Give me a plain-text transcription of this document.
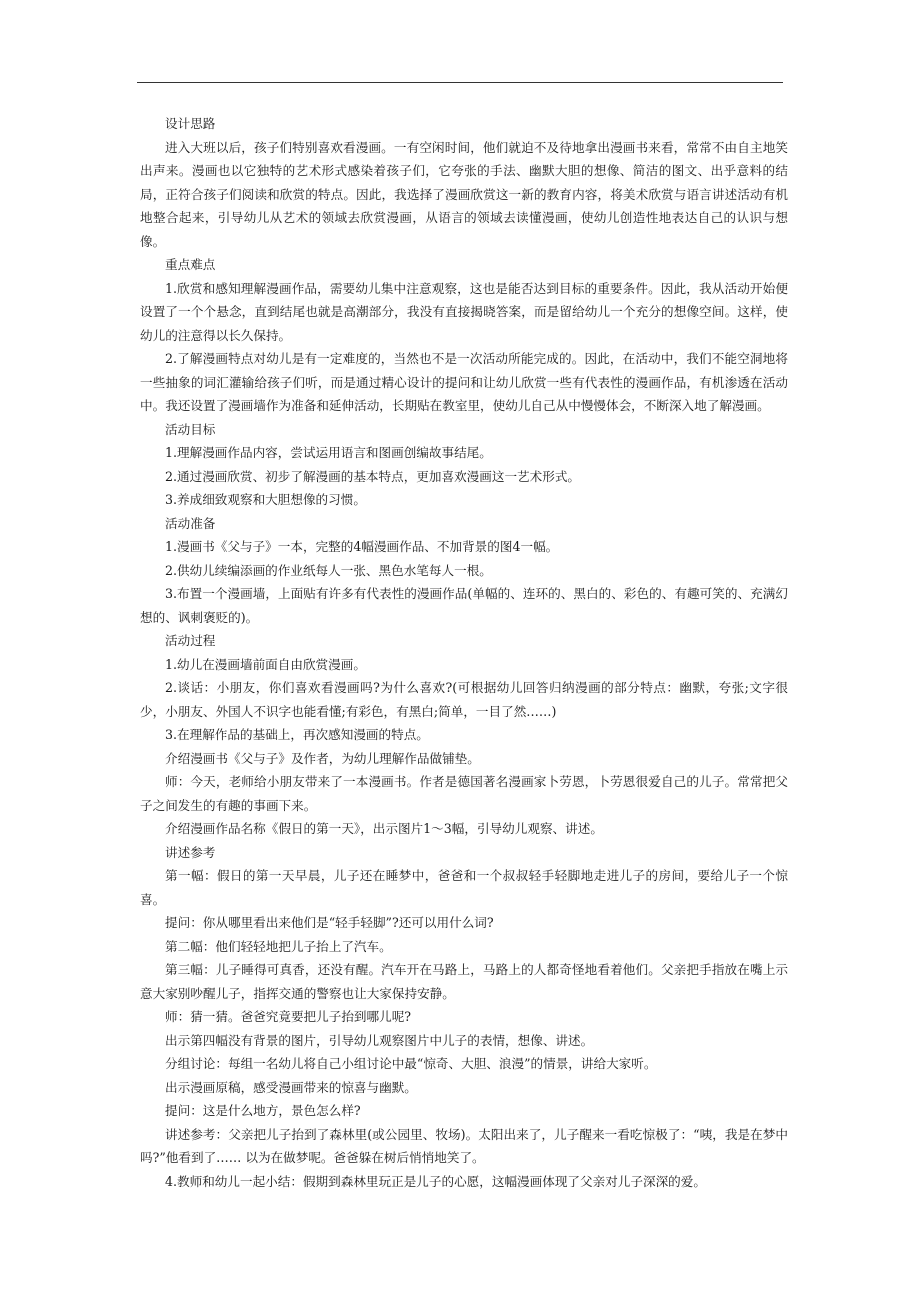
设计思路

进入大班以后，孩子们特别喜欢看漫画。一有空闲时间，他们就迫不及待地拿出漫画书来看，常常不由自主地笑出声来。漫画也以它独特的艺术形式感染着孩子们，它夸张的手法、幽默大胆的想像、简洁的图文、出乎意料的结局，正符合孩子们阅读和欣赏的特点。因此，我选择了漫画欣赏这一新的教育内容，将美术欣赏与语言讲述活动有机地整合起来，引导幼儿从艺术的领域去欣赏漫画，从语言的领域去读懂漫画，使幼儿创造性地表达自己的认识与想像。

重点难点

1.欣赏和感知理解漫画作品，需要幼儿集中注意观察，这也是能否达到目标的重要条件。因此，我从活动开始便设置了一个个悬念，直到结尾也就是高潮部分，我没有直接揭晓答案，而是留给幼儿一个充分的想像空间。这样，使幼儿的注意得以长久保持。

2.了解漫画特点对幼儿是有一定难度的，当然也不是一次活动所能完成的。因此，在活动中，我们不能空洞地将一些抽象的词汇灌输给孩子们听，而是通过精心设计的提问和让幼儿欣赏一些有代表性的漫画作品，有机渗透在活动中。我还设置了漫画墙作为准备和延伸活动，长期贴在教室里，使幼儿自己从中慢慢体会，不断深入地了解漫画。

活动目标

1.理解漫画作品内容，尝试运用语言和图画创编故事结尾。

2.通过漫画欣赏、初步了解漫画的基本特点，更加喜欢漫画这一艺术形式。

3.养成细致观察和大胆想像的习惯。

活动准备

1.漫画书《父与子》一本，完整的4幅漫画作品、不加背景的图4一幅。

2.供幼儿续编添画的作业纸每人一张、黑色水笔每人一根。

3.布置一个漫画墙，上面贴有许多有代表性的漫画作品(单幅的、连环的、黑白的、彩色的、有趣可笑的、充满幻想的、讽刺褒贬的)。

活动过程

1.幼儿在漫画墙前面自由欣赏漫画。

2.谈话：小朋友，你们喜欢看漫画吗?为什么喜欢?(可根据幼儿回答归纳漫画的部分特点：幽默，夸张;文字很少，小朋友、外国人不识字也能看懂;有彩色，有黑白;简单，一目了然……)

3.在理解作品的基础上，再次感知漫画的特点。

介绍漫画书《父与子》及作者，为幼儿理解作品做铺垫。

师：今天，老师给小朋友带来了一本漫画书。作者是德国著名漫画家卜劳恩，卜劳恩很爱自己的儿子。常常把父子之间发生的有趣的事画下来。

介绍漫画作品名称《假日的第一天》，出示图片1～3幅，引导幼儿观察、讲述。

讲述参考

第一幅：假日的第一天早晨，儿子还在睡梦中，爸爸和一个叔叔轻手轻脚地走进儿子的房间，要给儿子一个惊喜。

提问：你从哪里看出来他们是“轻手轻脚”?还可以用什么词?

第二幅：他们轻轻地把儿子抬上了汽车。

第三幅：儿子睡得可真香，还没有醒。汽车开在马路上，马路上的人都奇怪地看着他们。父亲把手指放在嘴上示意大家别吵醒儿子，指挥交通的警察也让大家保持安静。

师：猜一猜。爸爸究竟要把儿子抬到哪儿呢?

出示第四幅没有背景的图片，引导幼儿观察图片中儿子的表情，想像、讲述。

分组讨论：每组一名幼儿将自己小组讨论中最“惊奇、大胆、浪漫”的情景，讲给大家听。

出示漫画原稿，感受漫画带来的惊喜与幽默。

提问：这是什么地方，景色怎么样?

讲述参考：父亲把儿子抬到了森林里(或公园里、牧场)。太阳出来了，儿子醒来一看吃惊极了：“咦，我是在梦中吗?”他看到了…… 以为在做梦呢。爸爸躲在树后悄悄地笑了。

4.教师和幼儿一起小结：假期到森林里玩正是儿子的心愿，这幅漫画体现了父亲对儿子深深的爱。
